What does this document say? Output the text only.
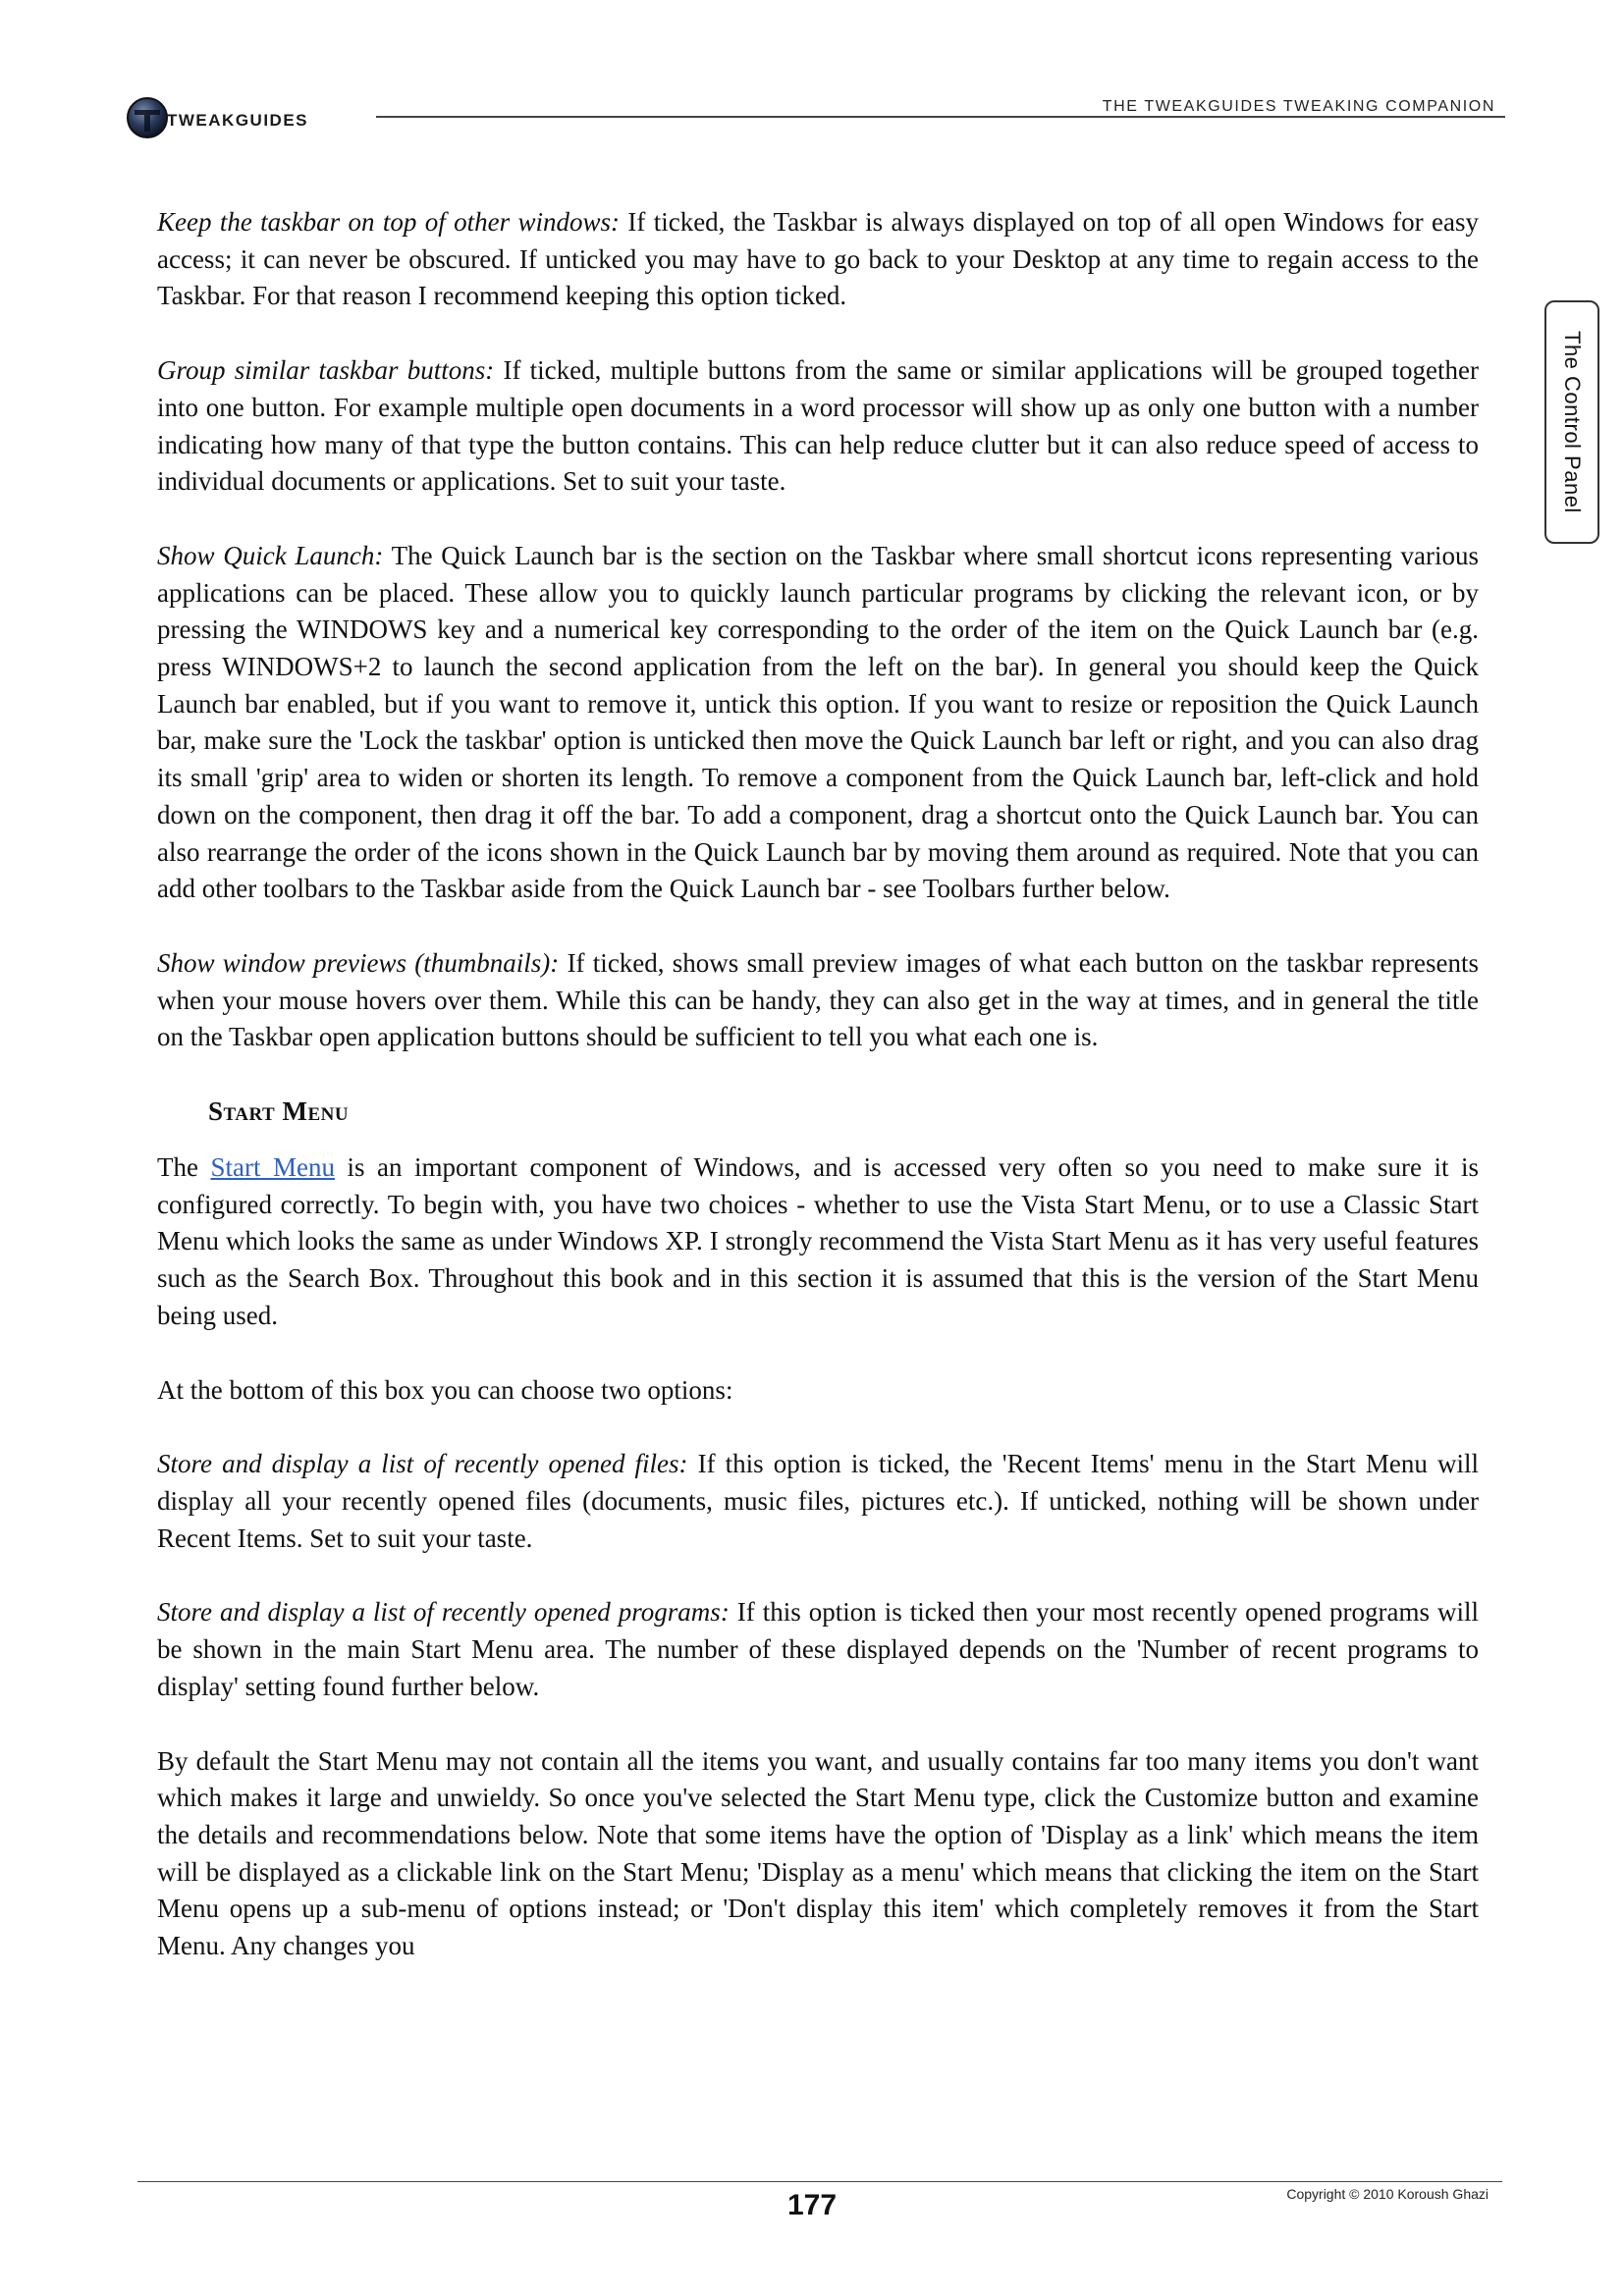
TWEAKGUIDES
THE TWEAKGUIDES TWEAKING COMPANION
The Control Panel

Keep the taskbar on top of other windows: If ticked, the Taskbar is always displayed on top of all open Windows for easy access; it can never be obscured. If unticked you may have to go back to your Desktop at any time to regain access to the Taskbar. For that reason I recommend keeping this option ticked.

Group similar taskbar buttons: If ticked, multiple buttons from the same or similar applications will be grouped together into one button. For example multiple open documents in a word processor will show up as only one button with a number indicating how many of that type the button contains. This can help reduce clutter but it can also reduce speed of access to individual documents or applications. Set to suit your taste.

Show Quick Launch: The Quick Launch bar is the section on the Taskbar where small shortcut icons representing various applications can be placed. These allow you to quickly launch particular programs by clicking the relevant icon, or by pressing the WINDOWS key and a numerical key corresponding to the order of the item on the Quick Launch bar (e.g. press WINDOWS+2 to launch the second application from the left on the bar). In general you should keep the Quick Launch bar enabled, but if you want to remove it, untick this option. If you want to resize or reposition the Quick Launch bar, make sure the 'Lock the taskbar' option is unticked then move the Quick Launch bar left or right, and you can also drag its small 'grip' area to widen or shorten its length. To remove a component from the Quick Launch bar, left-click and hold down on the component, then drag it off the bar. To add a component, drag a shortcut onto the Quick Launch bar. You can also rearrange the order of the icons shown in the Quick Launch bar by moving them around as required. Note that you can add other toolbars to the Taskbar aside from the Quick Launch bar - see Toolbars further below.

Show window previews (thumbnails): If ticked, shows small preview images of what each button on the taskbar represents when your mouse hovers over them. While this can be handy, they can also get in the way at times, and in general the title on the Taskbar open application buttons should be sufficient to tell you what each one is.

Start Menu

The Start Menu is an important component of Windows, and is accessed very often so you need to make sure it is configured correctly. To begin with, you have two choices - whether to use the Vista Start Menu, or to use a Classic Start Menu which looks the same as under Windows XP. I strongly recommend the Vista Start Menu as it has very useful features such as the Search Box. Throughout this book and in this section it is assumed that this is the version of the Start Menu being used.

At the bottom of this box you can choose two options:

Store and display a list of recently opened files: If this option is ticked, the 'Recent Items' menu in the Start Menu will display all your recently opened files (documents, music files, pictures etc.). If unticked, nothing will be shown under Recent Items. Set to suit your taste.

Store and display a list of recently opened programs: If this option is ticked then your most recently opened programs will be shown in the main Start Menu area. The number of these displayed depends on the 'Number of recent programs to display' setting found further below.

By default the Start Menu may not contain all the items you want, and usually contains far too many items you don't want which makes it large and unwieldy. So once you've selected the Start Menu type, click the Customize button and examine the details and recommendations below. Note that some items have the option of 'Display as a link' which means the item will be displayed as a clickable link on the Start Menu; 'Display as a menu' which means that clicking the item on the Start Menu opens up a sub-menu of options instead; or 'Don't display this item' which completely removes it from the Start Menu. Any changes you

177	Copyright © 2010 Koroush Ghazi
